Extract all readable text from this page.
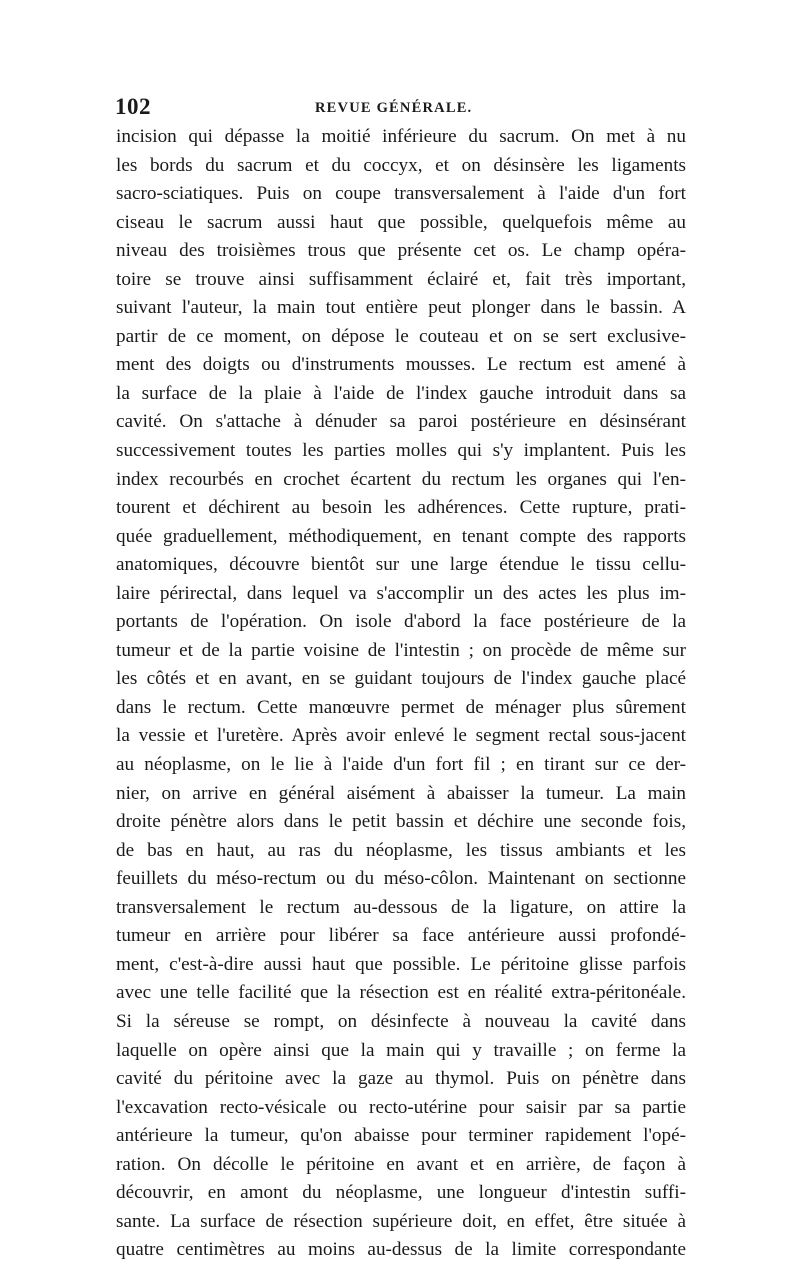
102	REVUE GÉNÉRALE.
incision qui dépasse la moitié inférieure du sacrum. On met à nu
les bords du sacrum et du coccyx, et on désinsère les ligaments
sacro-sciatiques. Puis on coupe transversalement à l'aide d'un fort
ciseau le sacrum aussi haut que possible, quelquefois même au
niveau des troisièmes trous que présente cet os. Le champ opéra-
toire se trouve ainsi suffisamment éclairé et, fait très important,
suivant l'auteur, la main tout entière peut plonger dans le bassin. A
partir de ce moment, on dépose le couteau et on se sert exclusive-
ment des doigts ou d'instruments mousses. Le rectum est amené à
la surface de la plaie à l'aide de l'index gauche introduit dans sa
cavité. On s'attache à dénuder sa paroi postérieure en désinsérant
successivement toutes les parties molles qui s'y implantent. Puis les
index recourbés en crochet écartent du rectum les organes qui l'en-
tourent et déchirent au besoin les adhérences. Cette rupture, prati-
quée graduellement, méthodiquement, en tenant compte des rapports
anatomiques, découvre bientôt sur une large étendue le tissu cellu-
laire périrectal, dans lequel va s'accomplir un des actes les plus im-
portants de l'opération. On isole d'abord la face postérieure de la
tumeur et de la partie voisine de l'intestin ; on procède de même sur
les côtés et en avant, en se guidant toujours de l'index gauche placé
dans le rectum. Cette manœuvre permet de ménager plus sûrement
la vessie et l'uretère. Après avoir enlevé le segment rectal sous-jacent
au néoplasme, on le lie à l'aide d'un fort fil ; en tirant sur ce der-
nier, on arrive en général aisément à abaisser la tumeur. La main
droite pénètre alors dans le petit bassin et déchire une seconde fois,
de bas en haut, au ras du néoplasme, les tissus ambiants et les
feuillets du méso-rectum ou du méso-côlon. Maintenant on sectionne
transversalement le rectum au-dessous de la ligature, on attire la
tumeur en arrière pour libérer sa face antérieure aussi profondé-
ment, c'est-à-dire aussi haut que possible. Le péritoine glisse parfois
avec une telle facilité que la résection est en réalité extra-péritonéale.
Si la séreuse se rompt, on désinfecte à nouveau la cavité dans
laquelle on opère ainsi que la main qui y travaille ; on ferme la
cavité du péritoine avec la gaze au thymol. Puis on pénètre dans
l'excavation recto-vésicale ou recto-utérine pour saisir par sa partie
antérieure la tumeur, qu'on abaisse pour terminer rapidement l'opé-
ration. On décolle le péritoine en avant et en arrière, de façon à
découvrir, en amont du néoplasme, une longueur d'intestin suffi-
sante. La surface de résection supérieure doit, en effet, être située à
quatre centimètres au moins au-dessus de la limite correspondante
